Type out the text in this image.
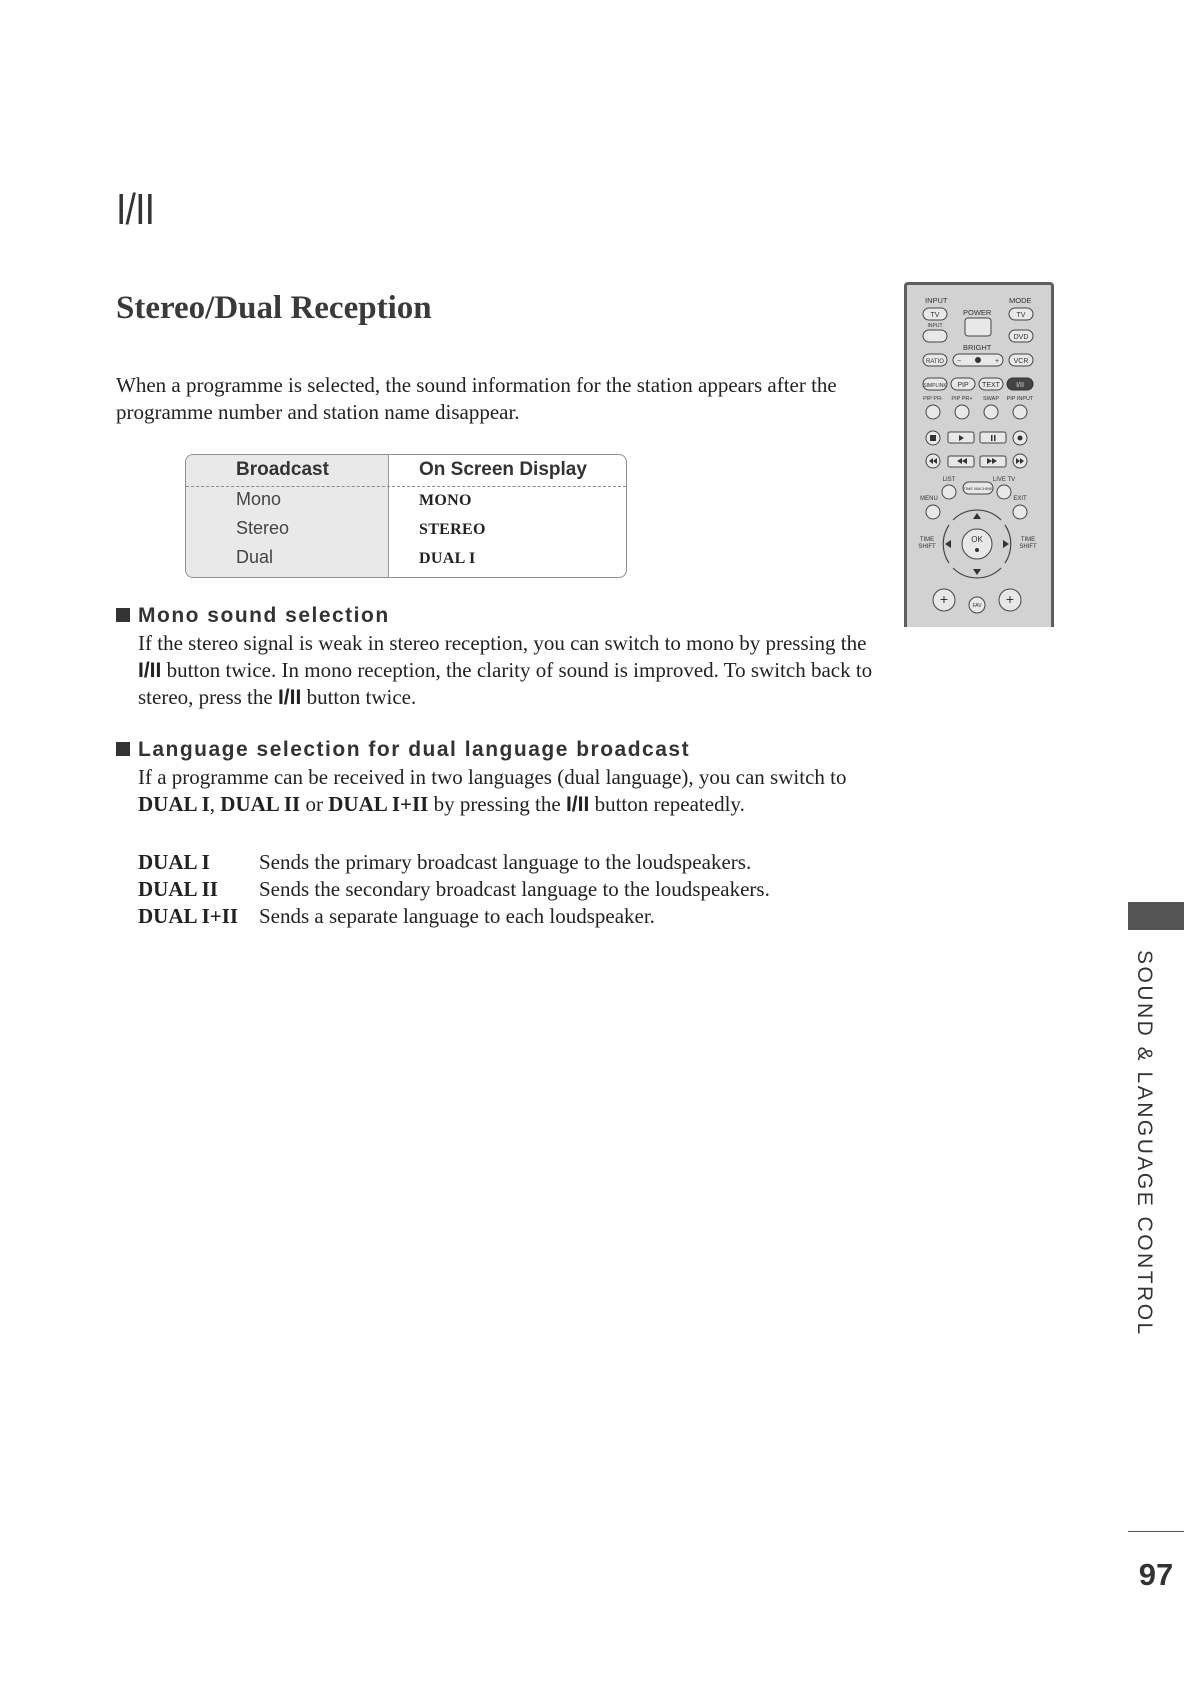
I/II
Stereo/Dual Reception
When a programme is selected, the sound information for the station appears after the programme number and station name disappear.
Broadcast	On Screen Display
Mono	MONO
Stereo	STEREO
Dual	DUAL I
Mono sound selection
If the stereo signal is weak in stereo reception, you can switch to mono by pressing the I/II button twice. In mono reception, the clarity of sound is improved. To switch back to stereo, press the I/II button twice.
Language selection for dual language broadcast
If a programme can be received in two languages (dual language), you can switch to DUAL I, DUAL II or DUAL I+II by pressing the I/II button repeatedly.
DUAL I Sends the primary broadcast language to the loudspeakers.
DUAL II Sends the secondary broadcast language to the loudspeakers.
DUAL I+II Sends a separate language to each loudspeaker.
INPUT	MODE
POWER
BRIGHT
TV	TV
INPUT
DVD
RATIO	VCR
SIMPLINK PIP TEXT I/II
−	+
PIP PR- PIP PR+ SWAP PIP INPUT
LIST
TIME MACHINE
LIVE TV
MENU	EXIT
TIME
SHIFT
TIME
SHIFT
OK
FAV
+	+
SOUND & LANGUAGE CONTROL
97
